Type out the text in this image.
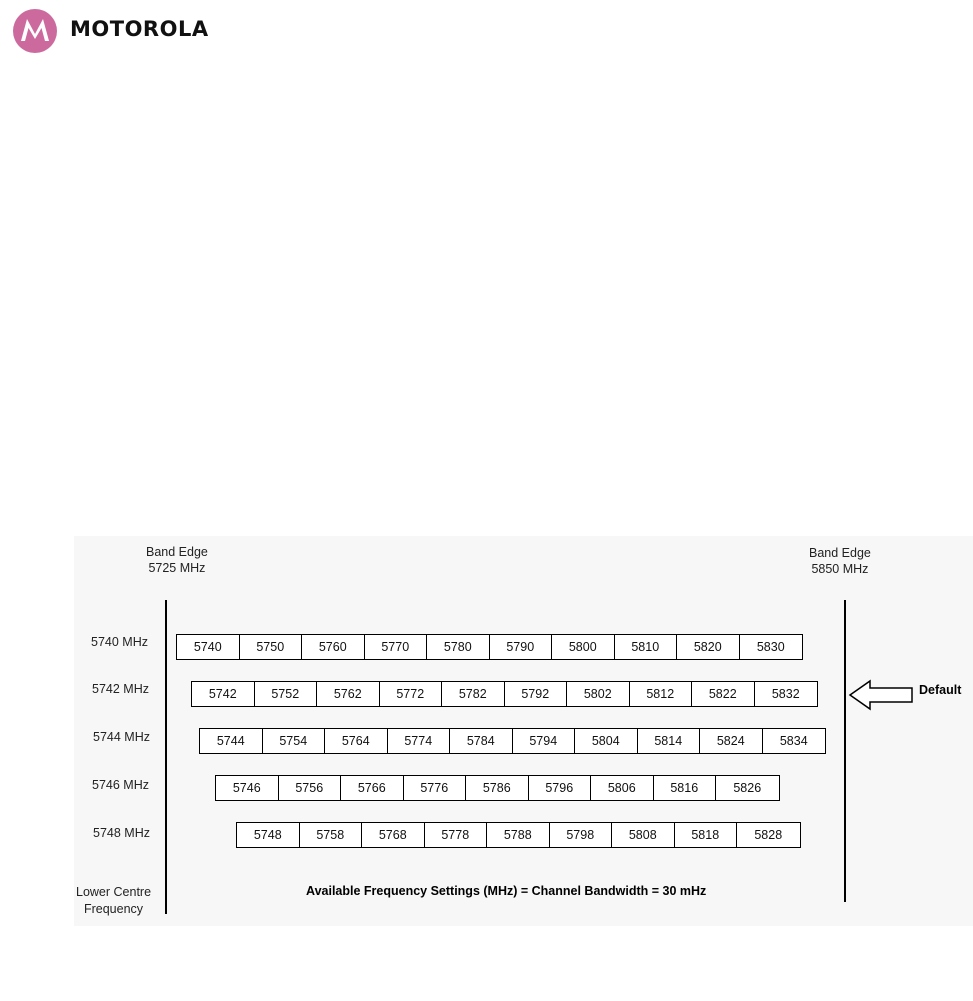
MOTOROLA
Band Edge
5725 MHz
Band Edge
5850 MHz
5740 MHz	5740	5750	5760	5770	5780	5790	5800	5810	5820	5830
5742 MHz	5742	5752	5762	5772	5782	5792	5802	5812	5822	5832
5744 MHz	5744	5754	5764	5774	5784	5794	5804	5814	5824	5834
5746 MHz	5746	5756	5766	5776	5786	5796	5806	5816	5826
5748 MHz	5748	5758	5768	5778	5788	5798	5808	5818	5828
Default
Lower Centre
Frequency
Available Frequency Settings (MHz) = Channel Bandwidth = 30 mHz
